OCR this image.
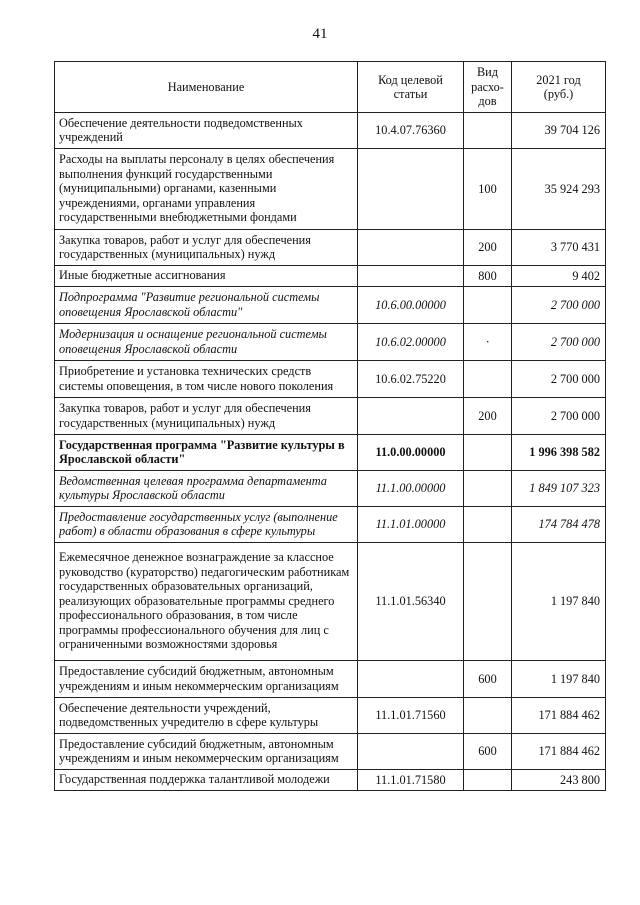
41
Наименование	Код целевой статьи	Вид расхо-дов	2021 год (руб.)
Обеспечение деятельности подведомственных учреждений	10.4.07.76360		39 704 126
Расходы на выплаты персоналу в целях обеспечения выполнения функций государственными (муниципальными) органами, казенными учреждениями, органами управления государственными внебюджетными фондами		100	35 924 293
Закупка товаров, работ и услуг для обеспечения государственных (муниципальных) нужд		200	3 770 431
Иные бюджетные ассигнования		800	9 402
Подпрограмма "Развитие региональной системы оповещения Ярославской области"	10.6.00.00000		2 700 000
Модернизация и оснащение региональной системы оповещения Ярославской области	10.6.02.00000	·	2 700 000
Приобретение и установка технических средств системы оповещения, в том числе нового поколения	10.6.02.75220		2 700 000
Закупка товаров, работ и услуг для обеспечения государственных (муниципальных) нужд		200	2 700 000
Государственная программа "Развитие культуры в Ярославской области"	11.0.00.00000		1 996 398 582
Ведомственная целевая программа департамента культуры Ярославской области	11.1.00.00000		1 849 107 323
Предоставление государственных услуг (выполнение работ) в области образования в сфере культуры	11.1.01.00000		174 784 478
Ежемесячное денежное вознаграждение за классное руководство (кураторство) педагогическим работникам государственных образовательных организаций, реализующих образовательные программы среднего профессионального образования, в том числе программы профессионального обучения для лиц с ограниченными возможностями здоровья	11.1.01.56340		1 197 840
Предоставление субсидий бюджетным, автономным учреждениям и иным некоммерческим организациям		600	1 197 840
Обеспечение деятельности учреждений, подведомственных учредителю в сфере культуры	11.1.01.71560		171 884 462
Предоставление субсидий бюджетным, автономным учреждениям и иным некоммерческим организациям		600	171 884 462
Государственная поддержка талантливой молодежи	11.1.01.71580		243 800
